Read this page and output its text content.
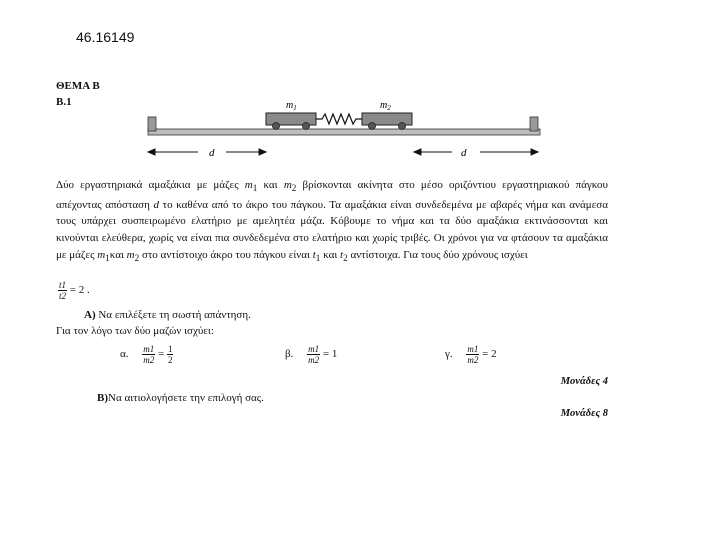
46.16149
ΘΕΜΑ Β
Β.1	$m_1$	$m_2$
d	d
Δύο εργαστηριακά αμαξάκια με μάζες $m_1$ και $m_2$ βρίσκονται ακίνητα στο μέσο οριζόντιου εργαστηριακού πάγκου απέχοντας απόσταση d το καθένα από το άκρο του πάγκου. Τα αμαξάκια είναι συνδεδεμένα με αβαρές νήμα και ανάμεσα τους υπάρχει συσπειρωμένο ελατήριο με αμελητέα μάζα. Κόβουμε το νήμα και τα δύο αμαξάκια εκτινάσσονται και κινούνται ελεύθερα, χωρίς να είναι πια συνδεδεμένα στο ελατήριο και χωρίς τριβές. Οι χρόνοι για να φτάσουν τα αμαξάκια με μάζες $m_1\kappa\alpha\iota$ $m_2$ στο αντίστοιχο άκρο του πάγκου είναι $t_1$ και $t_2$ αντίστοιχα. Για τους δύο χρόνους ισχύει
$\frac{t1}{t2} = 2$ .
Α) Να επιλέξετε τη σωστή απάντηση.
Για τον λόγο των δύο μαζών ισχύει:
α. $\frac{m1}{m2} = \frac{1}{2}$	β. $\frac{m1}{m2} = 1$	γ. $\frac{m1}{m2} = 2$
Μονάδες 4
Β)Να αιτιολογήσετε την επιλογή σας.
Μονάδες 8
